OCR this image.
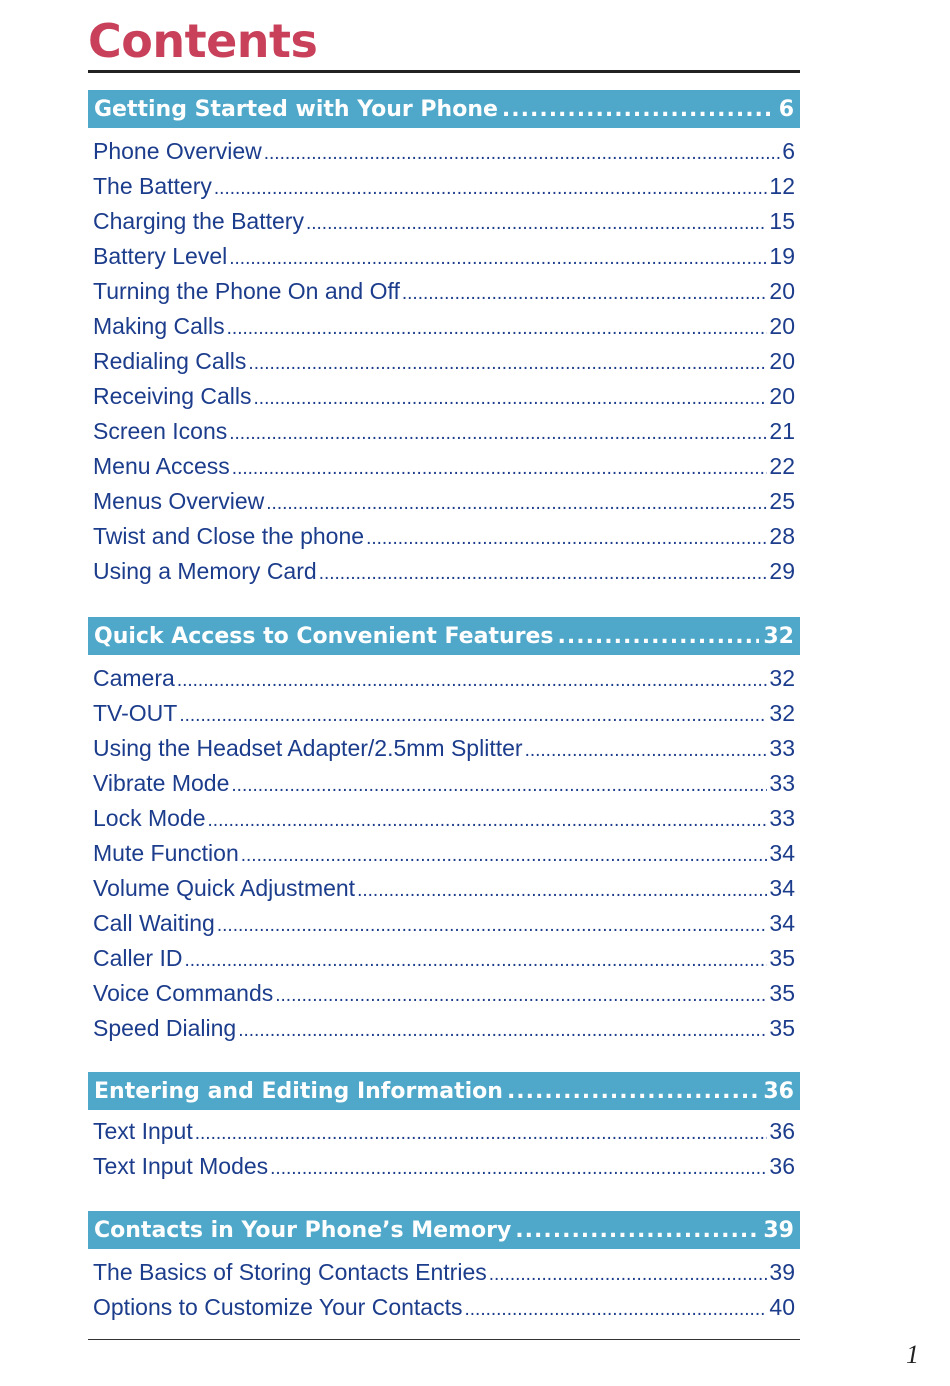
Contents
Getting Started with Your Phone .....	6
Phone Overview .....	6
The Battery .....	12
Charging the Battery .....	15
Battery Level .....	19
Turning the Phone On and Off .....	20
Making Calls .....	20
Redialing Calls .....	20
Receiving Calls .....	20
Screen Icons .....	21
Menu Access .....	22
Menus Overview .....	25
Twist and Close the phone .....	28
Using a Memory Card .....	29
Quick Access to Convenient Features .....	32
Camera .....	32
TV-OUT .....	32
Using the Headset Adapter/2.5mm Splitter .....	33
Vibrate Mode .....	33
Lock Mode .....	33
Mute Function .....	34
Volume Quick Adjustment .....	34
Call Waiting .....	34
Caller ID .....	35
Voice Commands .....	35
Speed Dialing .....	35
Entering and Editing Information .....	36
Text Input .....	36
Text Input Modes .....	36
Contacts in Your Phone’s Memory .....	39
The Basics of Storing Contacts Entries .....	39
Options to Customize Your Contacts .....	40
1
